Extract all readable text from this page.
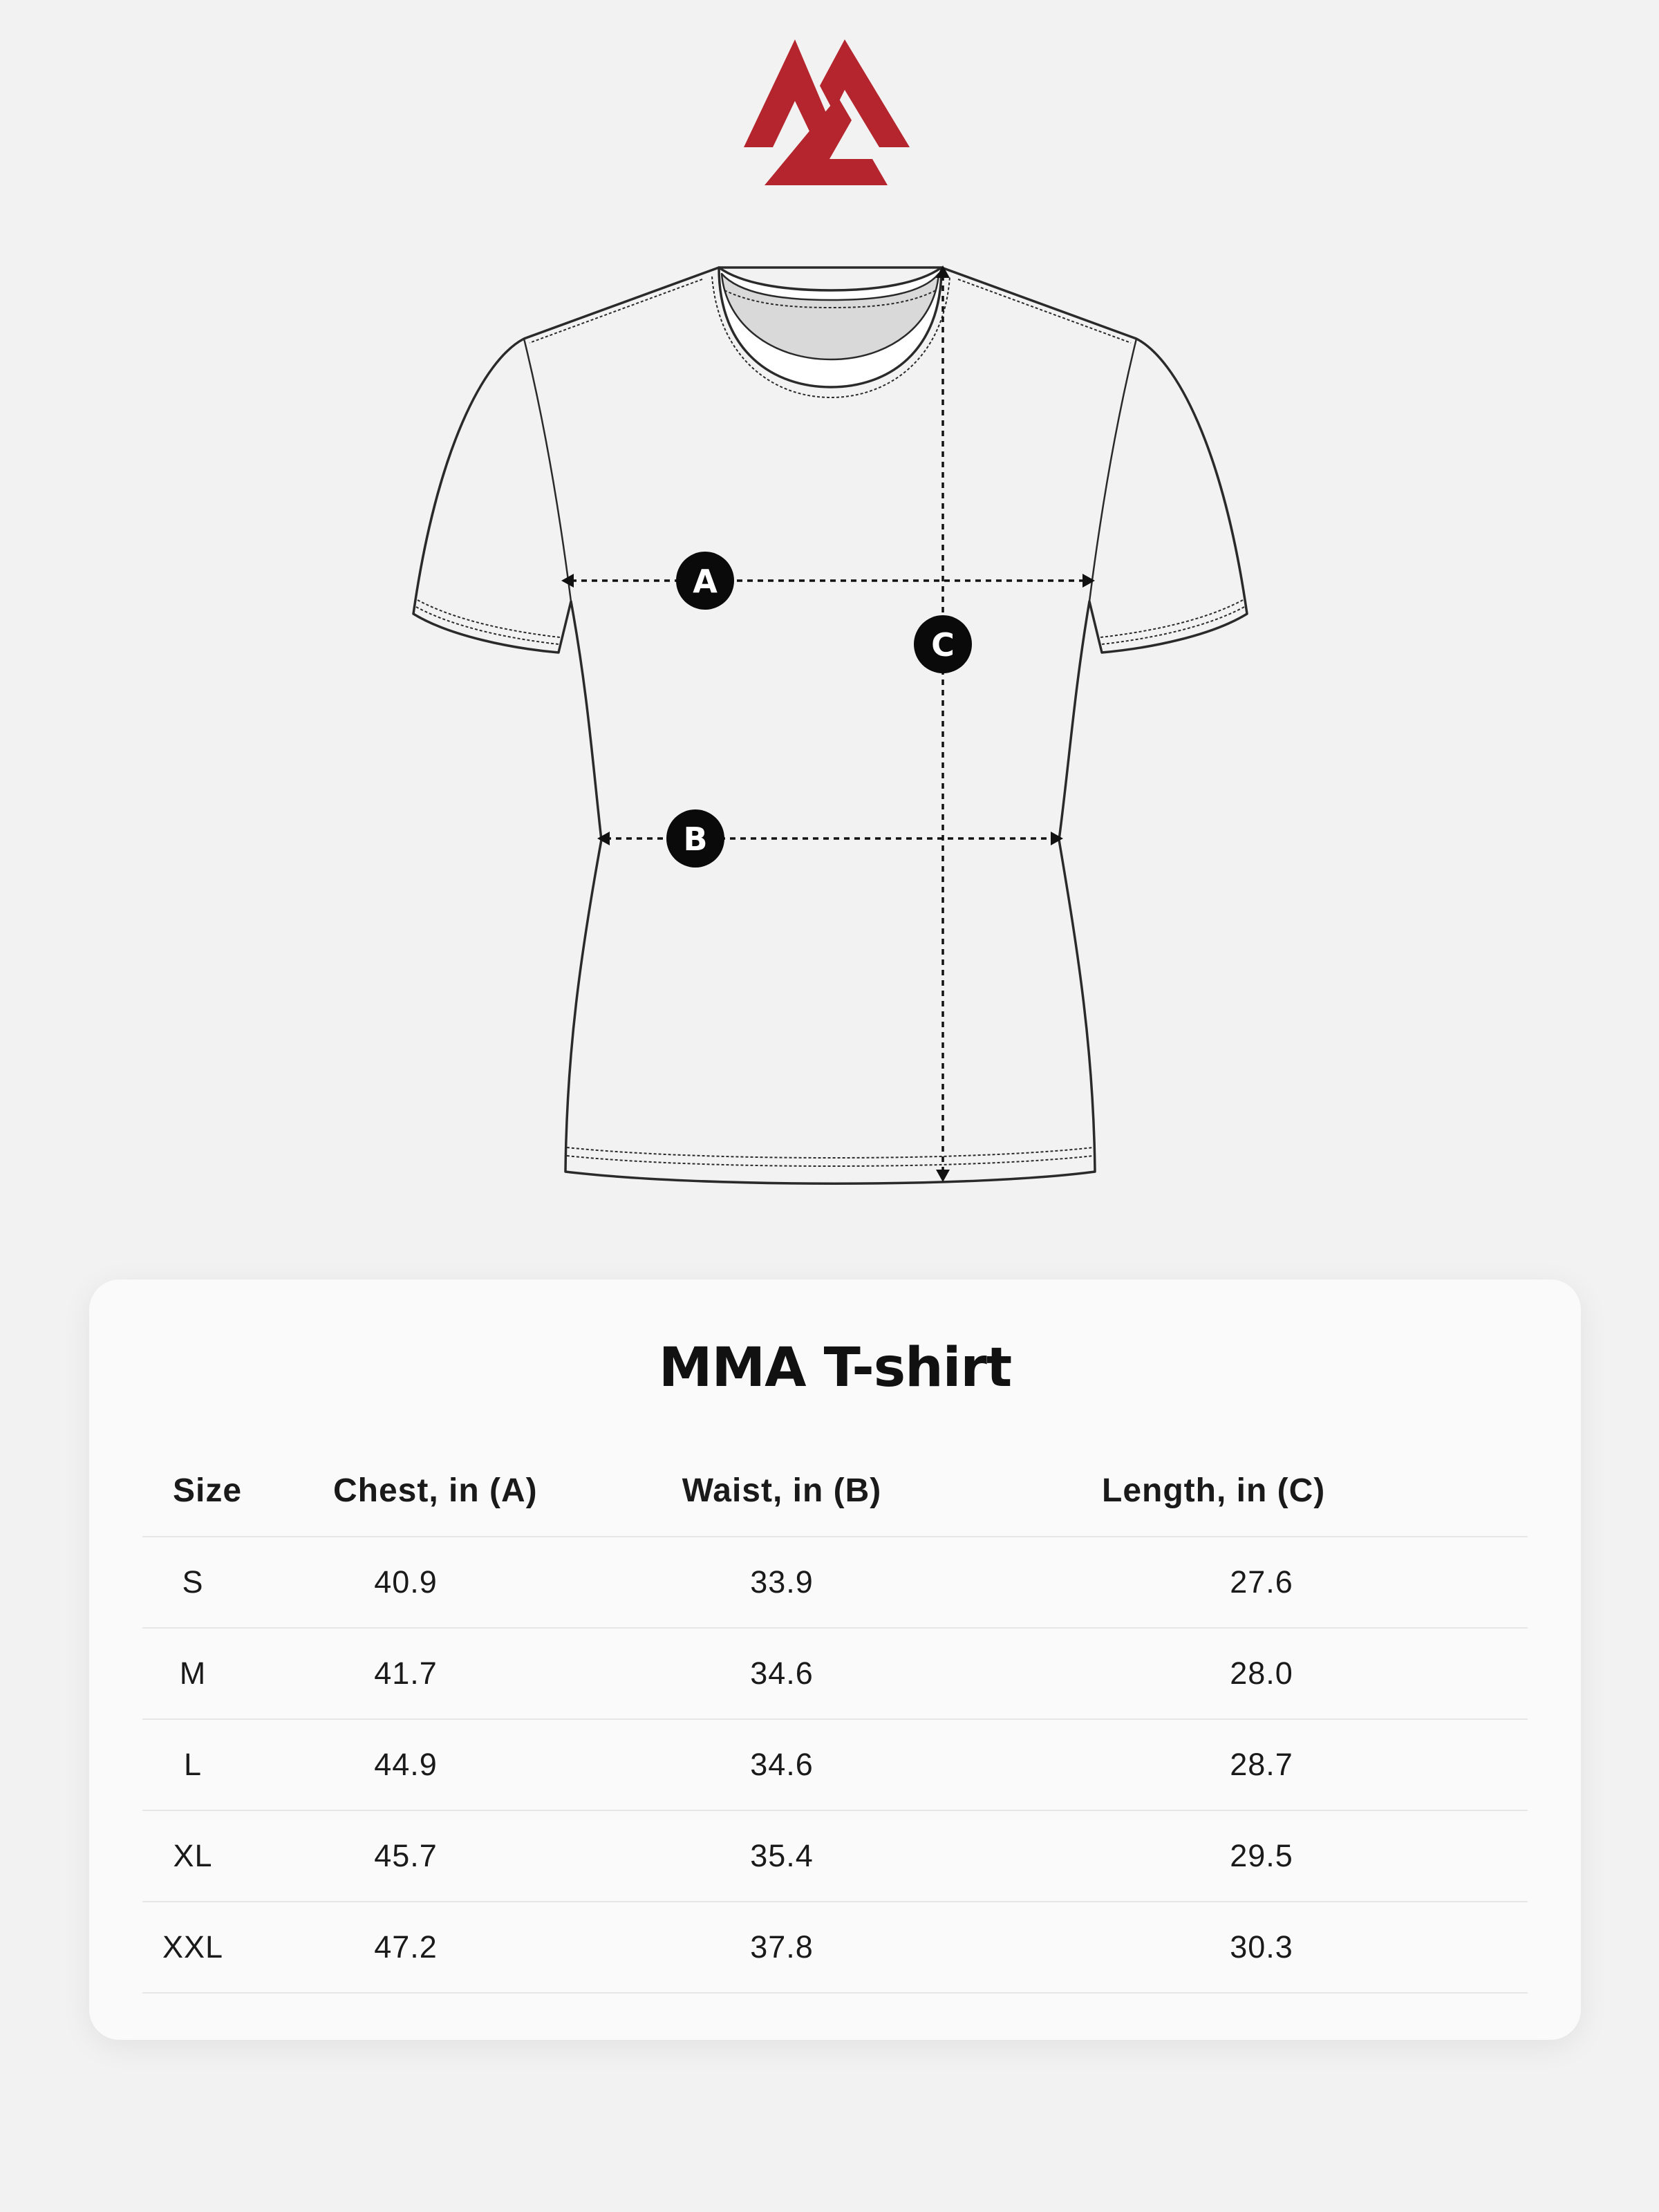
A
C
B
MMA T-shirt
Size	Chest, in (A)	Waist, in (B)	Length, in (C)
S	40.9	33.9	27.6
M	41.7	34.6	28.0
L	44.9	34.6	28.7
XL	45.7	35.4	29.5
XXL	47.2	37.8	30.3
